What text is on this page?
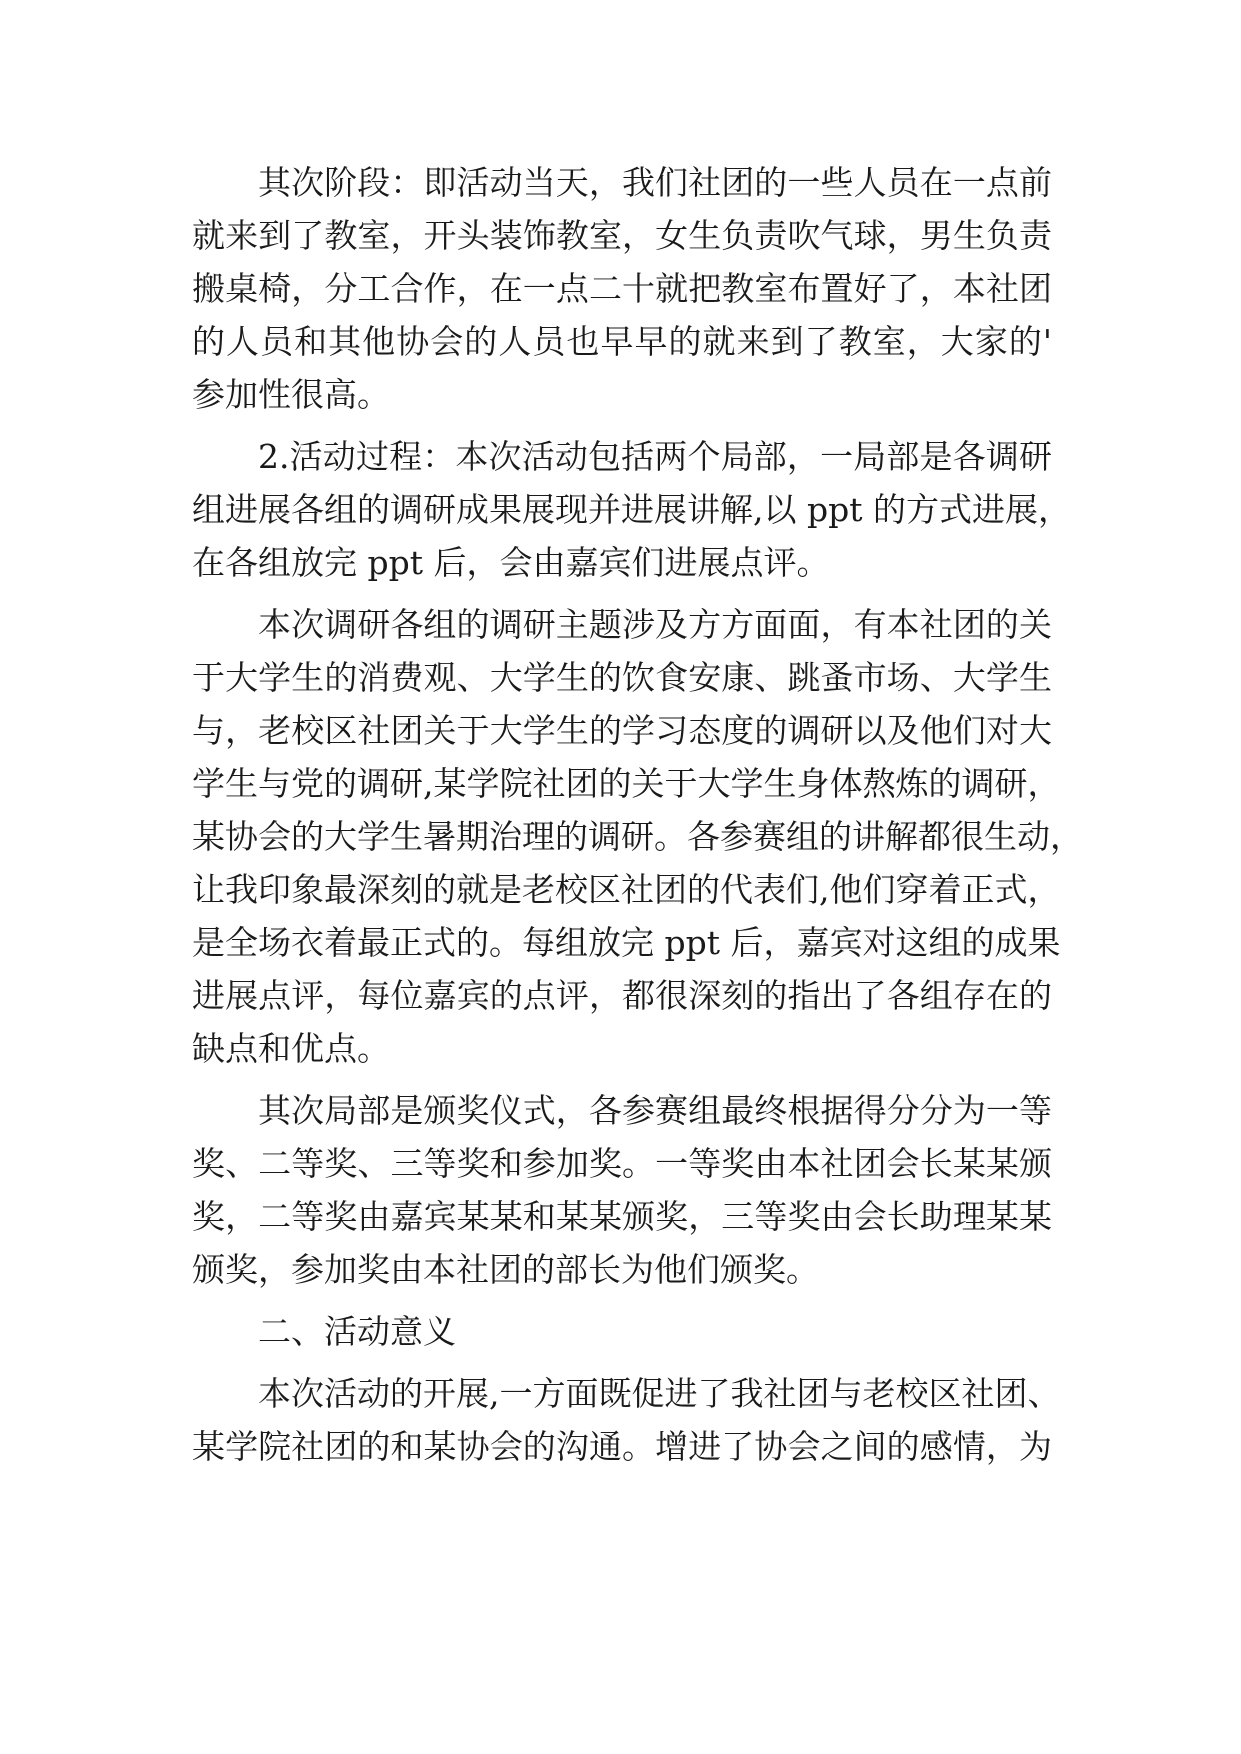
其次阶段：即活动当天，我们社团的一些人员在一点前
就来到了教室，开头装饰教室，女生负责吹气球，男生负责
搬桌椅，分工合作，在一点二十就把教室布置好了，本社团
的人员和其他协会的人员也早早的就来到了教室，大家的'
参加性很高。
2.活动过程：本次活动包括两个局部，一局部是各调研
组进展各组的调研成果展现并进展讲解,以 ppt 的方式进展，
在各组放完 ppt 后，会由嘉宾们进展点评。
本次调研各组的调研主题涉及方方面面，有本社团的关
于大学生的消费观、大学生的饮食安康、跳蚤市场、大学生
与，老校区社团关于大学生的学习态度的调研以及他们对大
学生与党的调研,某学院社团的关于大学生身体熬炼的调研，
某协会的大学生暑期治理的调研。各参赛组的讲解都很生动，
让我印象最深刻的就是老校区社团的代表们,他们穿着正式，
是全场衣着最正式的。每组放完 ppt 后，嘉宾对这组的成果
进展点评，每位嘉宾的点评，都很深刻的指出了各组存在的
缺点和优点。
其次局部是颁奖仪式，各参赛组最终根据得分分为一等
奖、二等奖、三等奖和参加奖。一等奖由本社团会长某某颁
奖，二等奖由嘉宾某某和某某颁奖，三等奖由会长助理某某
颁奖，参加奖由本社团的部长为他们颁奖。
二、活动意义
本次活动的开展,一方面既促进了我社团与老校区社团、
某学院社团的和某协会的沟通。增进了协会之间的感情，为
